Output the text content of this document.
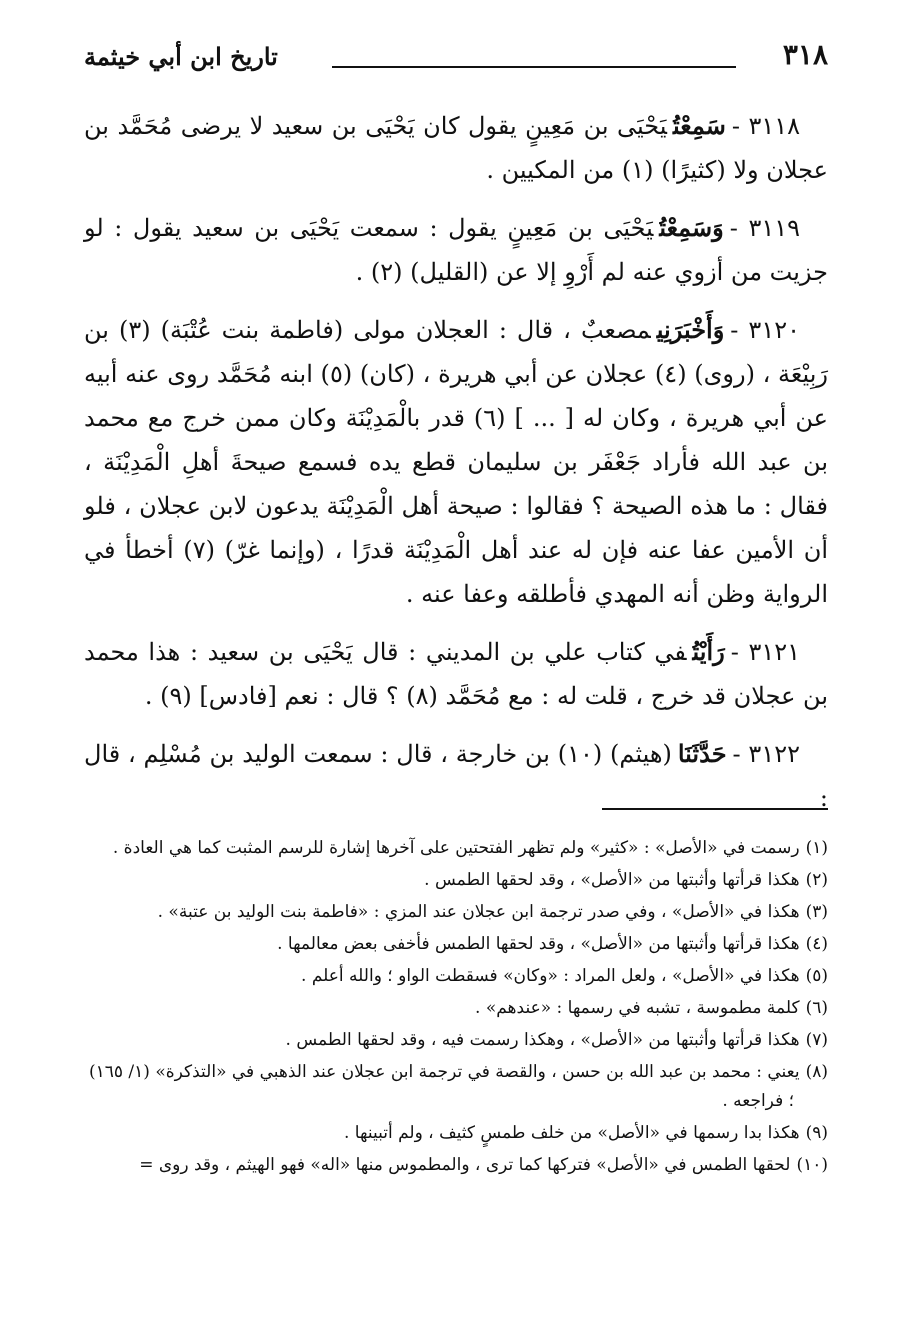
٣١٨
تاريخ ابن أبي خيثمة

٣١١٨ -سَمِعْتُيَحْيَى بن مَعِينٍ يقول كان يَحْيَى بن سعيد لا يرضى مُحَمَّد بن عجلان ولا (كثيرًا) (١) من المكيين .

٣١١٩ -وَسَمِعْتُيَحْيَى بن مَعِينٍ يقول : سمعت يَحْيَى بن سعيد يقول : لو جزيت من أزوي عنه لم أَرْوِ إلا عن (القليل) (٢) .

٣١٢٠ -وَأَخْبَرَنِيمصعبٌ ، قال : العجلان مولى (فاطمة بنت عُتْبَة) (٣) بن رَبِيْعَة ، (روى) (٤) عجلان عن أبي هريرة ، (كان) (٥) ابنه مُحَمَّد روى عنه أبيه عن أبي هريرة ، وكان له [ ... ] (٦) قدر بالْمَدِيْنَة وكان ممن خرج مع محمد بن عبد الله فأراد جَعْفَر بن سليمان قطع يده فسمع صيحةَ أهلِ الْمَدِيْنَة ، فقال : ما هذه الصيحة ؟ فقالوا : صيحة أهل الْمَدِيْنَة يدعون لابن عجلان ، فلو أن الأمين عفا عنه فإن له عند أهل الْمَدِيْنَة قدرًا ، (وإنما غرّ) (٧) أخطأ في الرواية وظن أنه المهدي فأطلقه وعفا عنه .

٣١٢١ -رَأَيْتُفي كتاب علي بن المديني : قال يَحْيَى بن سعيد : هذا محمد بن عجلان قد خرج ، قلت له : مع مُحَمَّد (٨) ؟ قال : نعم [فادس] (٩) .

٣١٢٢ -حَدَّثَنَا(هيثم) (١٠) بن خارجة ، قال : سمعت الوليد بن مُسْلِم ، قال :

(١)رسمت في «الأصل» : «كثير» ولم تظهر الفتحتين على آخرها إشارة للرسم المثبت كما هي العادة .

(٢)هكذا قرأتها وأثبتها من «الأصل» ، وقد لحقها الطمس .

(٣)هكذا في «الأصل» ، وفي صدر ترجمة ابن عجلان عند المزي : «فاطمة بنت الوليد بن عتبة» .

(٤)هكذا قرأتها وأثبتها من «الأصل» ، وقد لحقها الطمس فأخفى بعض معالمها .

(٥)هكذا في «الأصل» ، ولعل المراد : «وكان» فسقطت الواو ؛ والله أعلم .

(٦)كلمة مطموسة ، تشبه في رسمها : «عندهم» .

(٧)هكذا قرأتها وأثبتها من «الأصل» ، وهكذا رسمت فيه ، وقد لحقها الطمس .

(٨)يعني : محمد بن عبد الله بن حسن ، والقصة في ترجمة ابن عجلان عند الذهبي في «التذكرة» (١/ ١٦٥) ؛ فراجعه .

(٩)هكذا بدا رسمها في «الأصل» من خلف طمسٍ كثيف ، ولم أتبينها .

(١٠)لحقها الطمس في «الأصل» فتركها كما ترى ، والمطموس منها «اله» فهو الهيثم ، وقد روى =
